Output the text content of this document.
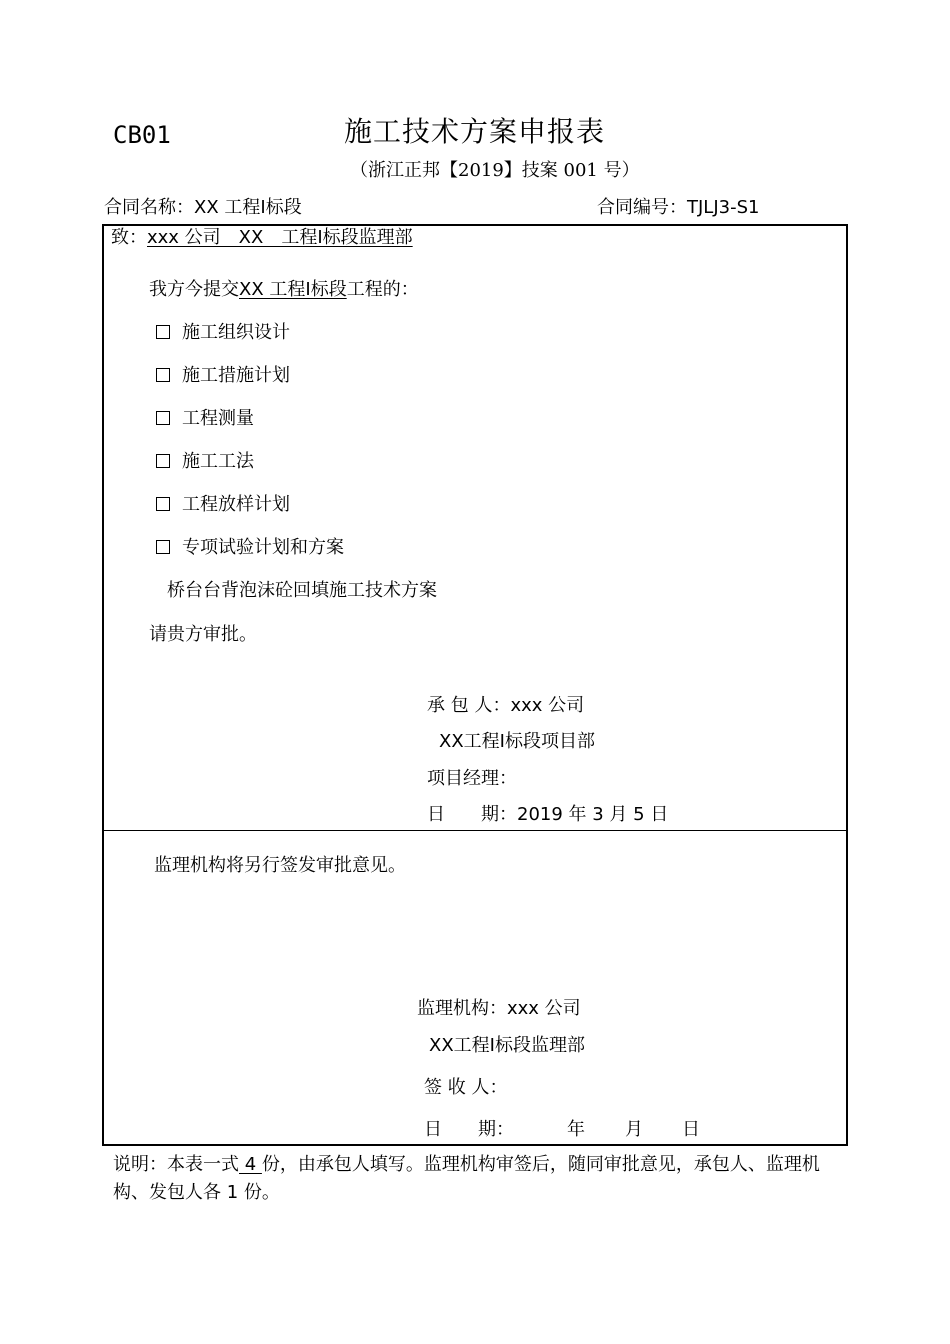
CB01	施工技术方案申报表
（浙江正邦【2019】技案 001 号）
合同名称：XX 工程Ⅰ标段	合同编号：TJLJ3-S1
致：xxx 公司　XX　工程Ⅰ标段监理部
我方今提交XX 工程Ⅰ标段工程的：
施工组织设计
施工措施计划
工程测量
施工工法
工程放样计划
专项试验计划和方案
桥台台背泡沫砼回填施工技术方案
请贵方审批。
承 包 人：xxx 公司
XX工程Ⅰ标段项目部
项目经理：
日　　期：2019 年 3 月 5 日
监理机构将另行签发审批意见。
监理机构：xxx 公司
XX工程Ⅰ标段监理部
签 收 人：
日　　期：	年 月 日
说明：本表一式 4 份，由承包人填写。监理机构审签后，随同审批意见，承包人、监理机构、发包人各 1 份。
